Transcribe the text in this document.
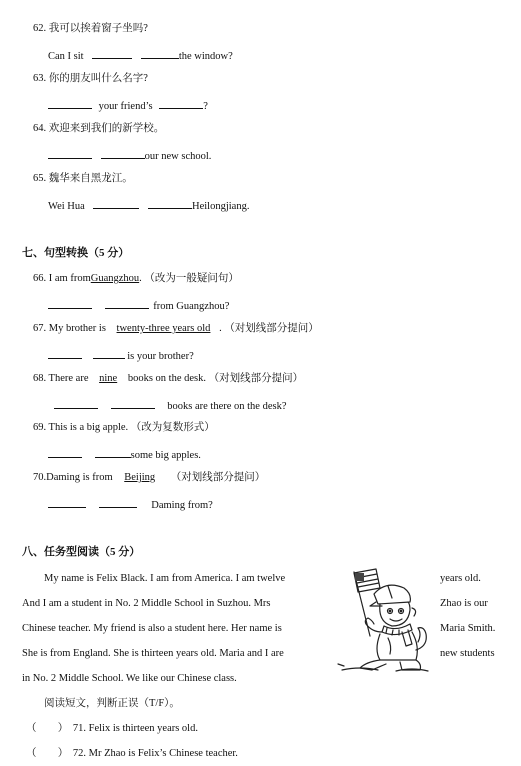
62. 我可以挨着窗子坐吗?
Can I sit	the window?
63. 你的朋友叫什么名字?
your friend’s	?
64. 欢迎来到我们的新学校。
our new school.
65. 魏华来自黑龙江。
Wei Hua	Heilongjiang.
七、句型转换（5 分）
66. I am fromGuangzhou. （改为一般疑问句）
from Guangzhou?
67. My brother is twenty-three years old . （对划线部分提问）
is your brother?
68. There are nine books on the desk. （对划线部分提问）
books are there on the desk?
69. This is a big apple. （改为复数形式）
some big apples.
70.Daming is from Beijing （对划线部分提问）
Daming from?
八、任务型阅读（5 分）
My name is Felix Black. I am from America. I am twelve	years old.
And I am a student in No. 2 Middle School in Suzhou. Mrs	Zhao is our
Chinese teacher. My friend is also a student here. Her name is	Maria Smith.
She is from England. She is thirteen years old. Maria and I are	new students
in No. 2 Middle School. We like our Chinese class.
阅读短文，判断正误（T/F）。
（ ） 71. Felix is thirteen years old.
（ ） 72. Mr Zhao is Felix’s Chinese teacher.
